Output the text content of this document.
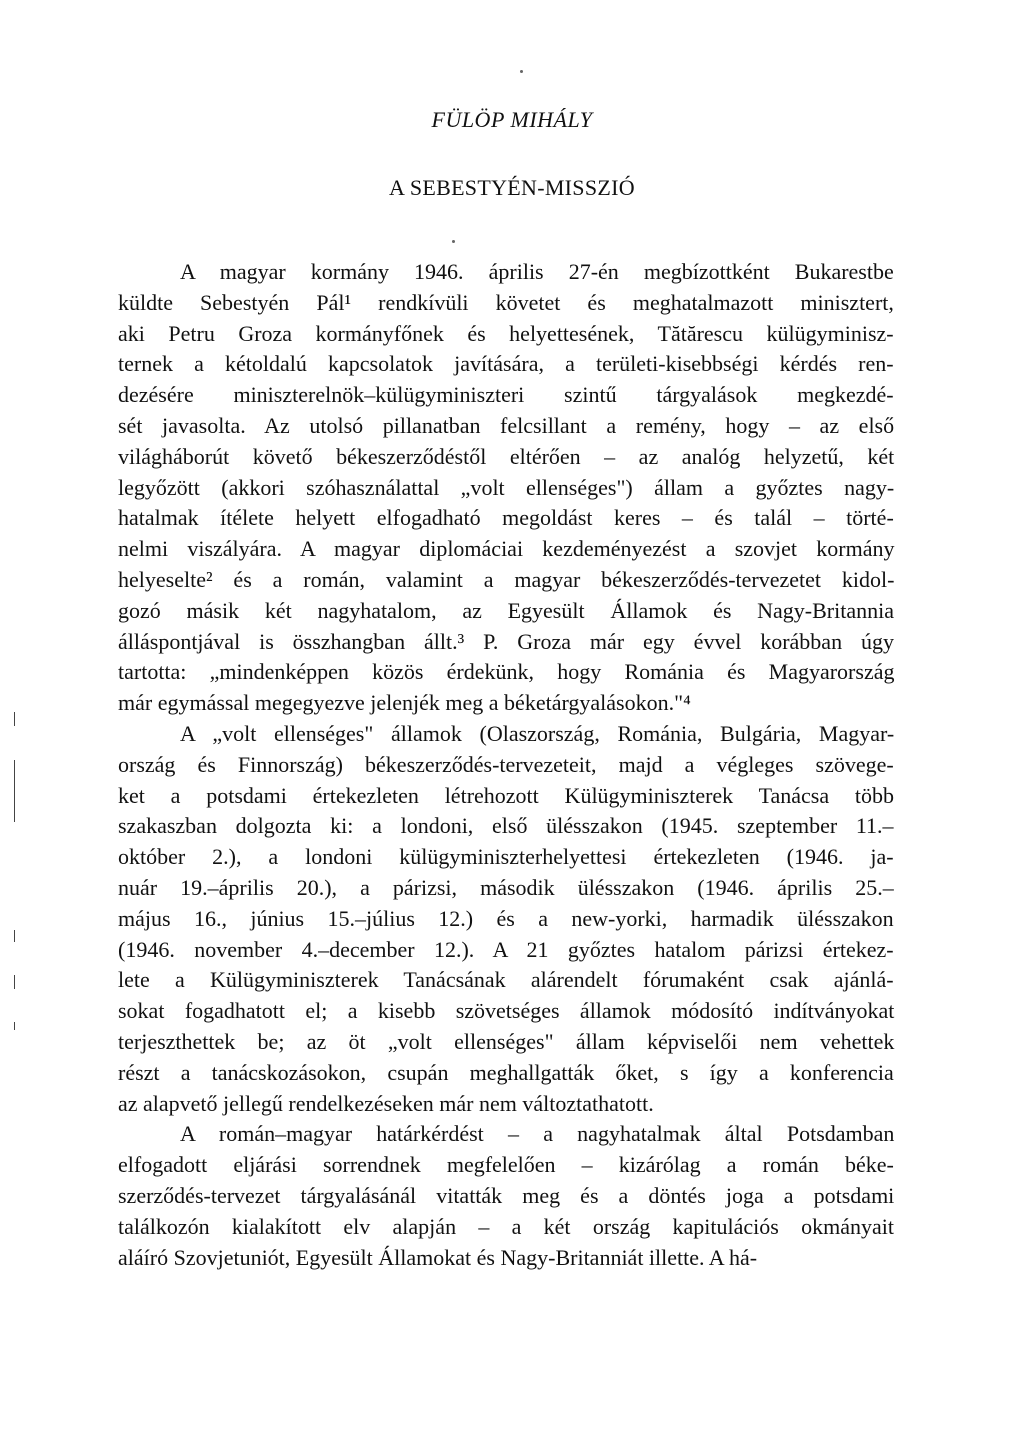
FÜLÖP MIHÁLY
A SEBESTYÉN-MISSZIÓ
A magyar kormány 1946. április 27-én megbízottként Bukarestbe
küldte Sebestyén Pál¹ rendkívüli követet és meghatalmazott minisztert,
aki Petru Groza kormányfőnek és helyettesének, Tătărescu külügyminisz-
ternek a kétoldalú kapcsolatok javítására, a területi-kisebbségi kérdés ren-
dezésére miniszterelnök–külügyminiszteri szintű tárgyalások megkezdé-
sét javasolta. Az utolsó pillanatban felcsillant a remény, hogy – az első
világháborút követő békeszerződéstől eltérően – az analóg helyzetű, két
legyőzött (akkori szóhasználattal „volt ellenséges") állam a győztes nagy-
hatalmak ítélete helyett elfogadható megoldást keres – és talál – törté-
nelmi viszályára. A magyar diplomáciai kezdeményezést a szovjet kormány
helyeselte² és a román, valamint a magyar békeszerződés-tervezetet kidol-
gozó másik két nagyhatalom, az Egyesült Államok és Nagy-Britannia
álláspontjával is összhangban állt.³ P. Groza már egy évvel korábban úgy
tartotta: „mindenképpen közös érdekünk, hogy Románia és Magyarország
már egymással megegyezve jelenjék meg a béketárgyalásokon."⁴
A „volt ellenséges" államok (Olaszország, Románia, Bulgária, Magyar-
ország és Finnország) békeszerződés-tervezeteit, majd a végleges szövege-
ket a potsdami értekezleten létrehozott Külügyminiszterek Tanácsa több
szakaszban dolgozta ki: a londoni, első ülésszakon (1945. szeptember 11.–
október 2.), a londoni külügyminiszterhelyettesi értekezleten (1946. ja-
nuár 19.–április 20.), a párizsi, második ülésszakon (1946. április 25.–
május 16., június 15.–július 12.) és a new-yorki, harmadik ülésszakon
(1946. november 4.–december 12.). A 21 győztes hatalom párizsi értekez-
lete a Külügyminiszterek Tanácsának alárendelt fórumaként csak ajánlá-
sokat fogadhatott el; a kisebb szövetséges államok módosító indítványokat
terjeszthettek be; az öt „volt ellenséges" állam képviselői nem vehettek
részt a tanácskozásokon, csupán meghallgatták őket, s így a konferencia
az alapvető jellegű rendelkezéseken már nem változtathatott.
A román–magyar határkérdést – a nagyhatalmak által Potsdamban
elfogadott eljárási sorrendnek megfelelően – kizárólag a román béke-
szerződés-tervezet tárgyalásánál vitatták meg és a döntés joga a potsdami
találkozón kialakított elv alapján – a két ország kapitulációs okmányait
aláíró Szovjetuniót, Egyesült Államokat és Nagy-Britanniát illette. A há-
